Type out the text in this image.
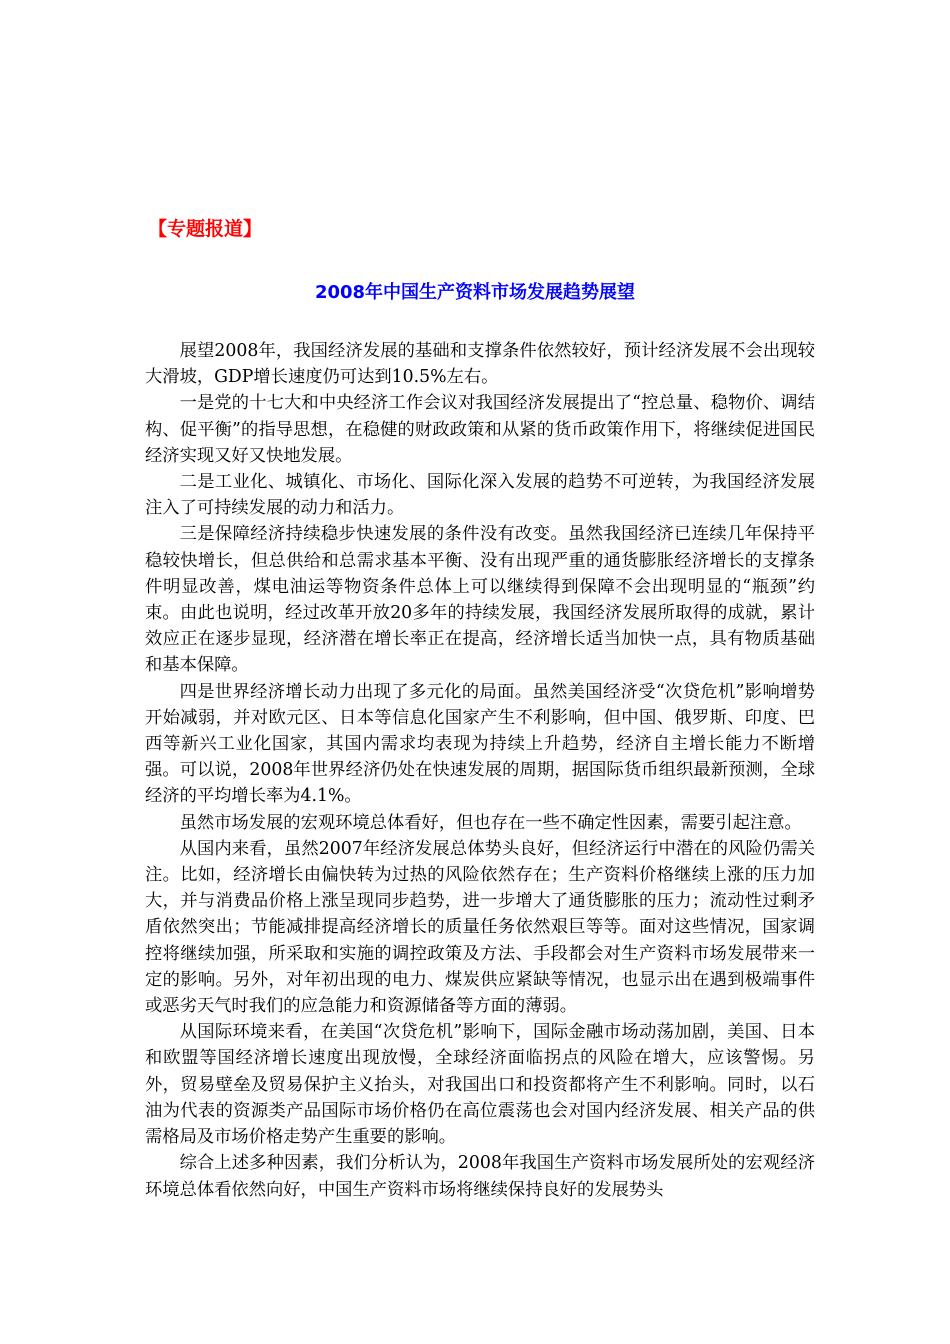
【专题报道】
2008年中国生产资料市场发展趋势展望

展望2008年，我国经济发展的基础和支撑条件依然较好，预计经济发展不会出现较大滑坡，GDP增长速度仍可达到10.5%左右。

一是党的十七大和中央经济工作会议对我国经济发展提出了“控总量、稳物价、调结构、促平衡”的指导思想，在稳健的财政政策和从紧的货币政策作用下，将继续促进国民经济实现又好又快地发展。

二是工业化、城镇化、市场化、国际化深入发展的趋势不可逆转，为我国经济发展注入了可持续发展的动力和活力。

三是保障经济持续稳步快速发展的条件没有改变。虽然我国经济已连续几年保持平稳较快增长，但总供给和总需求基本平衡、没有出现严重的通货膨胀经济增长的支撑条件明显改善，煤电油运等物资条件总体上可以继续得到保障不会出现明显的“瓶颈”约束。由此也说明，经过改革开放20多年的持续发展，我国经济发展所取得的成就，累计效应正在逐步显现，经济潜在增长率正在提高，经济增长适当加快一点，具有物质基础和基本保障。

四是世界经济增长动力出现了多元化的局面。虽然美国经济受“次贷危机”影响增势开始减弱，并对欧元区、日本等信息化国家产生不利影响，但中国、俄罗斯、印度、巴西等新兴工业化国家，其国内需求均表现为持续上升趋势，经济自主增长能力不断增强。可以说，2008年世界经济仍处在快速发展的周期，据国际货币组织最新预测，全球经济的平均增长率为4.1%。

虽然市场发展的宏观环境总体看好，但也存在一些不确定性因素，需要引起注意。

从国内来看，虽然2007年经济发展总体势头良好，但经济运行中潜在的风险仍需关注。比如，经济增长由偏快转为过热的风险依然存在；生产资料价格继续上涨的压力加大，并与消费品价格上涨呈现同步趋势，进一步增大了通货膨胀的压力；流动性过剩矛盾依然突出；节能减排提高经济增长的质量任务依然艰巨等等。面对这些情况，国家调控将继续加强，所采取和实施的调控政策及方法、手段都会对生产资料市场发展带来一定的影响。另外，对年初出现的电力、煤炭供应紧缺等情况，也显示出在遇到极端事件或恶劣天气时我们的应急能力和资源储备等方面的薄弱。

从国际环境来看，在美国“次贷危机”影响下，国际金融市场动荡加剧，美国、日本和欧盟等国经济增长速度出现放慢，全球经济面临拐点的风险在增大，应该警惕。另外，贸易壁垒及贸易保护主义抬头，对我国出口和投资都将产生不利影响。同时，以石油为代表的资源类产品国际市场价格仍在高位震荡也会对国内经济发展、相关产品的供需格局及市场价格走势产生重要的影响。

综合上述多种因素，我们分析认为，2008年我国生产资料市场发展所处的宏观经济环境总体看依然向好，中国生产资料市场将继续保持良好的发展势头
